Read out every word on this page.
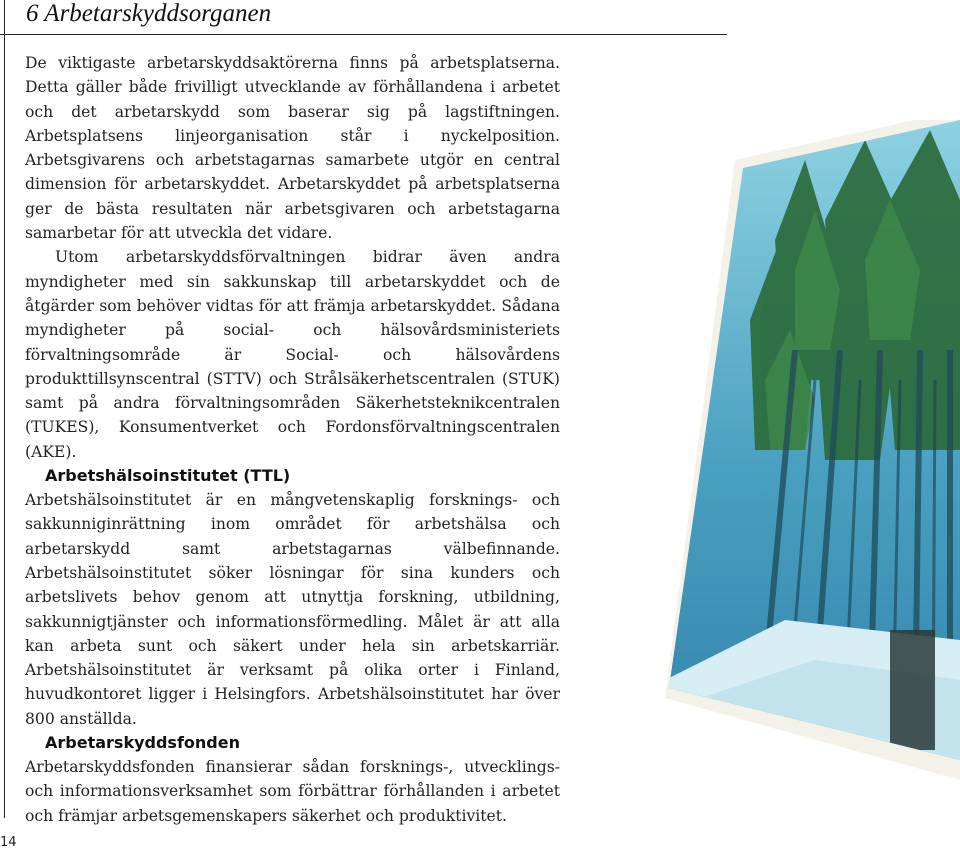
6 Arbetarskyddsorganen

De viktigaste arbetarskyddsaktörerna finns på arbetsplatserna. Detta gäller både frivilligt utvecklande av förhållandena i arbetet och det arbetarskydd som baserar sig på lagstiftningen. Arbetsplatsens linjeorganisation står i nyckelposition. Arbetsgivarens och arbetstagarnas samarbete utgör en central dimension för arbetarskyddet. Arbetarskyddet på arbetsplatserna ger de bästa resultaten när arbetsgivaren och arbetstagarna samarbetar för att utveckla det vidare.

Utom arbetarskyddsförvaltningen bidrar även andra myndigheter med sin sakkunskap till arbetarskyddet och de åtgärder som behöver vidtas för att främja arbetarskyddet. Sådana myndigheter på social- och hälsovårdsministeriets förvaltningsområde är Social- och hälsovårdens produkttillsynscentral (STTV) och Strålsäkerhetscentralen (STUK) samt på andra förvaltningsområden Säkerhetsteknikcentralen (TUKES), Konsumentverket och Fordonsförvaltningscentralen (AKE).

Arbetshälsoinstitutet (TTL)

Arbetshälsoinstitutet är en mångvetenskaplig forsknings- och sakkunniginrättning inom området för arbetshälsa och arbetarskydd samt arbetstagarnas välbefinnande. Arbetshälsoinstitutet söker lösningar för sina kunders och arbetslivets behov genom att utnyttja forskning, utbildning, sakkunnigtjänster och informationsförmedling. Målet är att alla kan arbeta sunt och säkert under hela sin arbetskarriär. Arbetshälsoinstitutet är verksamt på olika orter i Finland, huvudkontoret ligger i Helsingfors. Arbetshälsoinstitutet har över 800 anställda.

Arbetarskyddsfonden

Arbetarskyddsfonden finansierar sådan forsknings-, utvecklings- och informationsverksamhet som förbättrar förhållanden i arbetet och främjar arbetsgemenskapers säkerhet och produktivitet.

14
